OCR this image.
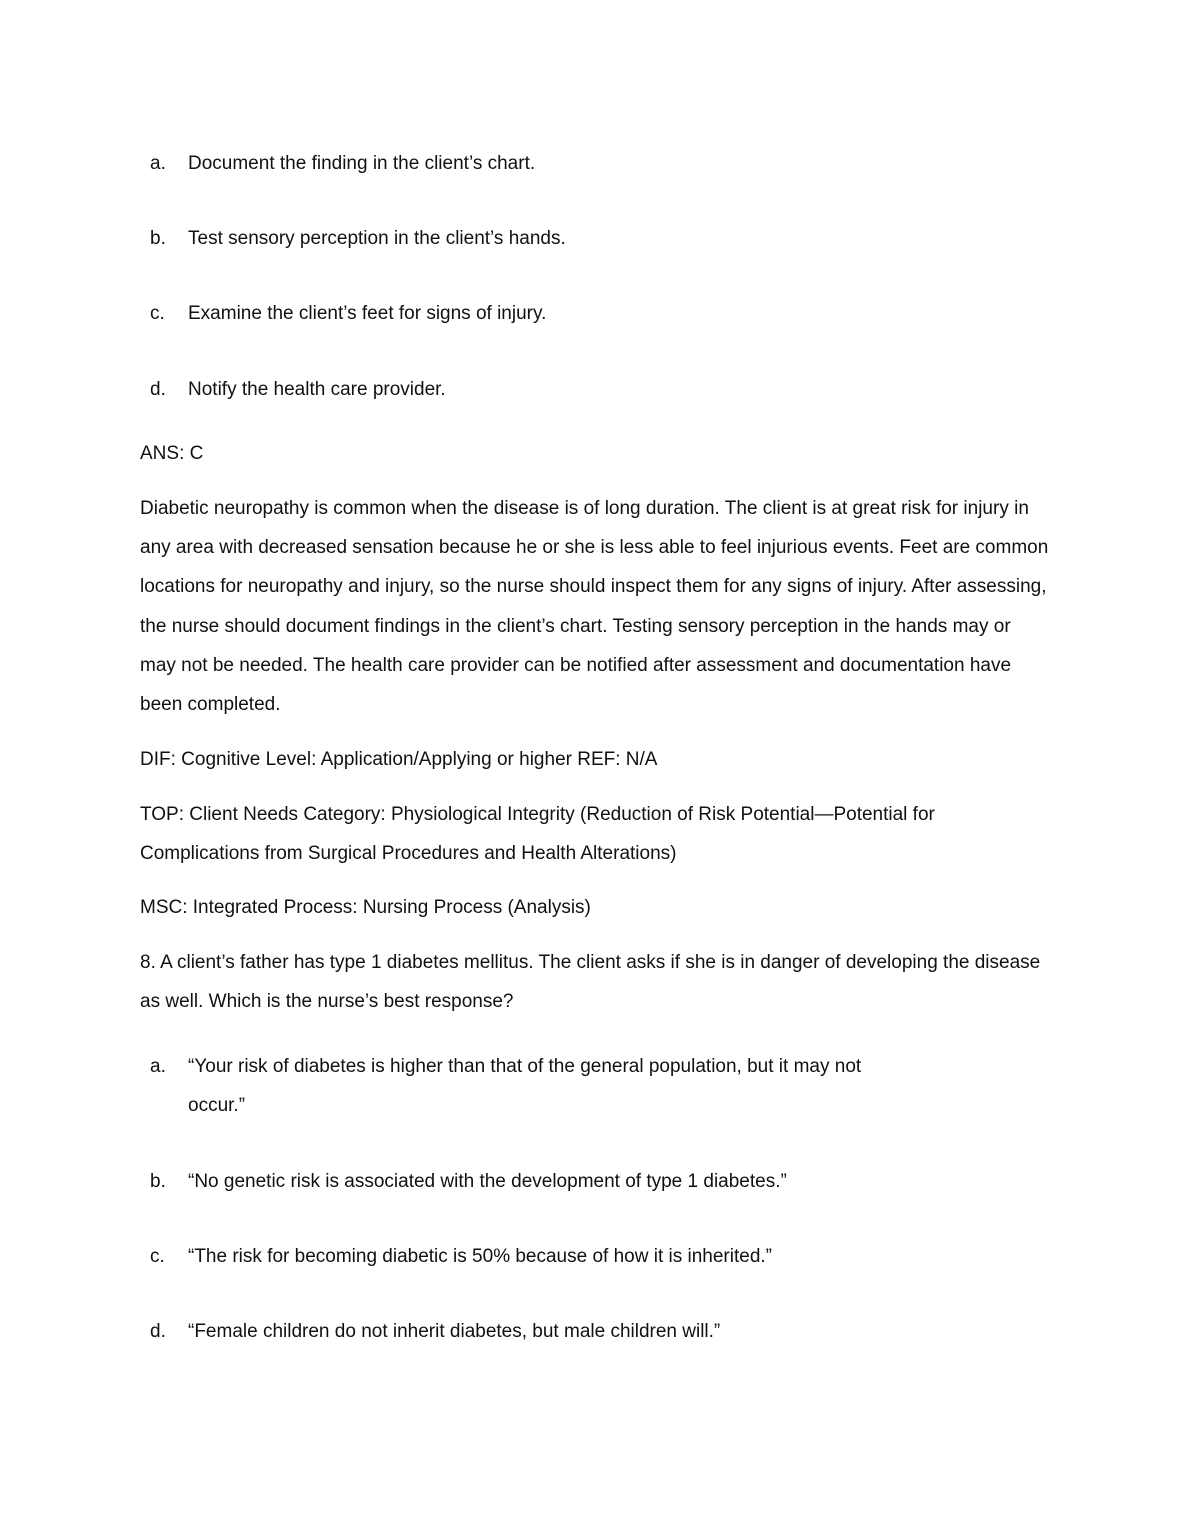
a.	Document the finding in the client’s chart.
b.	Test sensory perception in the client’s hands.
c.	Examine the client’s feet for signs of injury.
d.	Notify the health care provider.
ANS: C
Diabetic neuropathy is common when the disease is of long duration. The client is at great risk for injury in any area with decreased sensation because he or she is less able to feel injurious events. Feet are common locations for neuropathy and injury, so the nurse should inspect them for any signs of injury. After assessing, the nurse should document findings in the client’s chart. Testing sensory perception in the hands may or may not be needed. The health care provider can be notified after assessment and documentation have been completed.
DIF: Cognitive Level: Application/Applying or higher REF: N/A
TOP: Client Needs Category: Physiological Integrity (Reduction of Risk Potential—Potential for Complications from Surgical Procedures and Health Alterations)
MSC: Integrated Process: Nursing Process (Analysis)
8. A client’s father has type 1 diabetes mellitus. The client asks if she is in danger of developing the disease as well. Which is the nurse’s best response?
a.	“Your risk of diabetes is higher than that of the general population, but it may not occur.”
b.	“No genetic risk is associated with the development of type 1 diabetes.”
c.	“The risk for becoming diabetic is 50% because of how it is inherited.”
d.	“Female children do not inherit diabetes, but male children will.”
